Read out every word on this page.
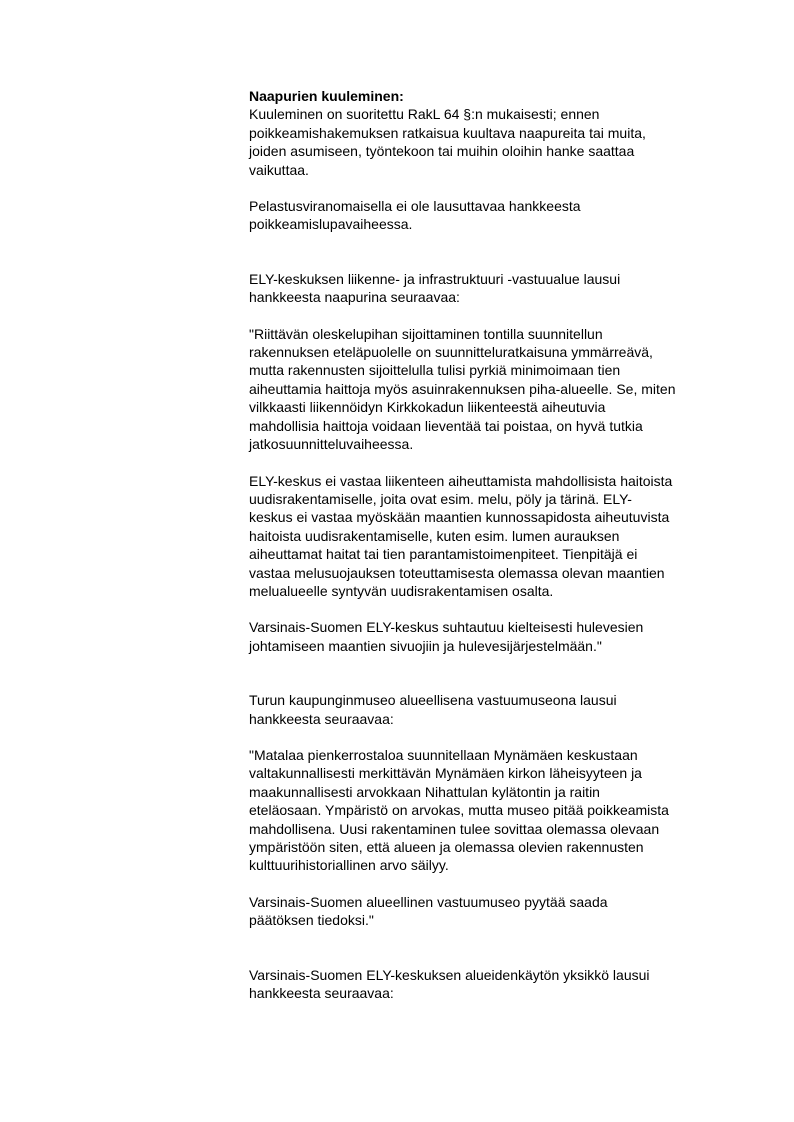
Naapurien kuuleminen:

Kuuleminen on suoritettu RakL 64 §:n mukaisesti; ennen
poikkeamishakemuksen ratkaisua kuultava naapureita tai muita,
joiden asumiseen, työntekoon tai muihin oloihin hanke saattaa
vaikuttaa.

Pelastusviranomaisella ei ole lausuttavaa hankkeesta
poikkeamislupavaiheessa.

ELY-keskuksen liikenne- ja infrastruktuuri -vastuualue lausui
hankkeesta naapurina seuraavaa:

"Riittävän oleskelupihan sijoittaminen tontilla suunnitellun
rakennuksen eteläpuolelle on suunnitteluratkaisuna ymmärreävä,
mutta rakennusten sijoittelulla tulisi pyrkiä minimoimaan tien
aiheuttamia haittoja myös asuinrakennuksen piha-alueelle. Se, miten
vilkkaasti liikennöidyn Kirkkokadun liikenteestä aiheutuvia
mahdollisia haittoja voidaan lieventää tai poistaa, on hyvä tutkia
jatkosuunnitteluvaiheessa.

ELY-keskus ei vastaa liikenteen aiheuttamista mahdollisista haitoista
uudisrakentamiselle, joita ovat esim. melu, pöly ja tärinä. ELY-
keskus ei vastaa myöskään maantien kunnossapidosta aiheutuvista
haitoista uudisrakentamiselle, kuten esim. lumen aurauksen
aiheuttamat haitat tai tien parantamistoimenpiteet. Tienpitäjä ei
vastaa melusuojauksen toteuttamisesta olemassa olevan maantien
melualueelle syntyvän uudisrakentamisen osalta.

Varsinais-Suomen ELY-keskus suhtautuu kielteisesti hulevesien
johtamiseen maantien sivuojiin ja hulevesijärjestelmään."

Turun kaupunginmuseo alueellisena vastuumuseona lausui
hankkeesta seuraavaa:

"Matalaa pienkerrostaloa suunnitellaan Mynämäen keskustaan
valtakunnallisesti merkittävän Mynämäen kirkon läheisyyteen ja
maakunnallisesti arvokkaan Nihattulan kylätontin ja raitin
eteläosaan. Ympäristö on arvokas, mutta museo pitää poikkeamista
mahdollisena. Uusi rakentaminen tulee sovittaa olemassa olevaan
ympäristöön siten, että alueen ja olemassa olevien rakennusten
kulttuurihistoriallinen arvo säilyy.

Varsinais-Suomen alueellinen vastuumuseo pyytää saada
päätöksen tiedoksi."

Varsinais-Suomen ELY-keskuksen alueidenkäytön yksikkö lausui
hankkeesta seuraavaa:
